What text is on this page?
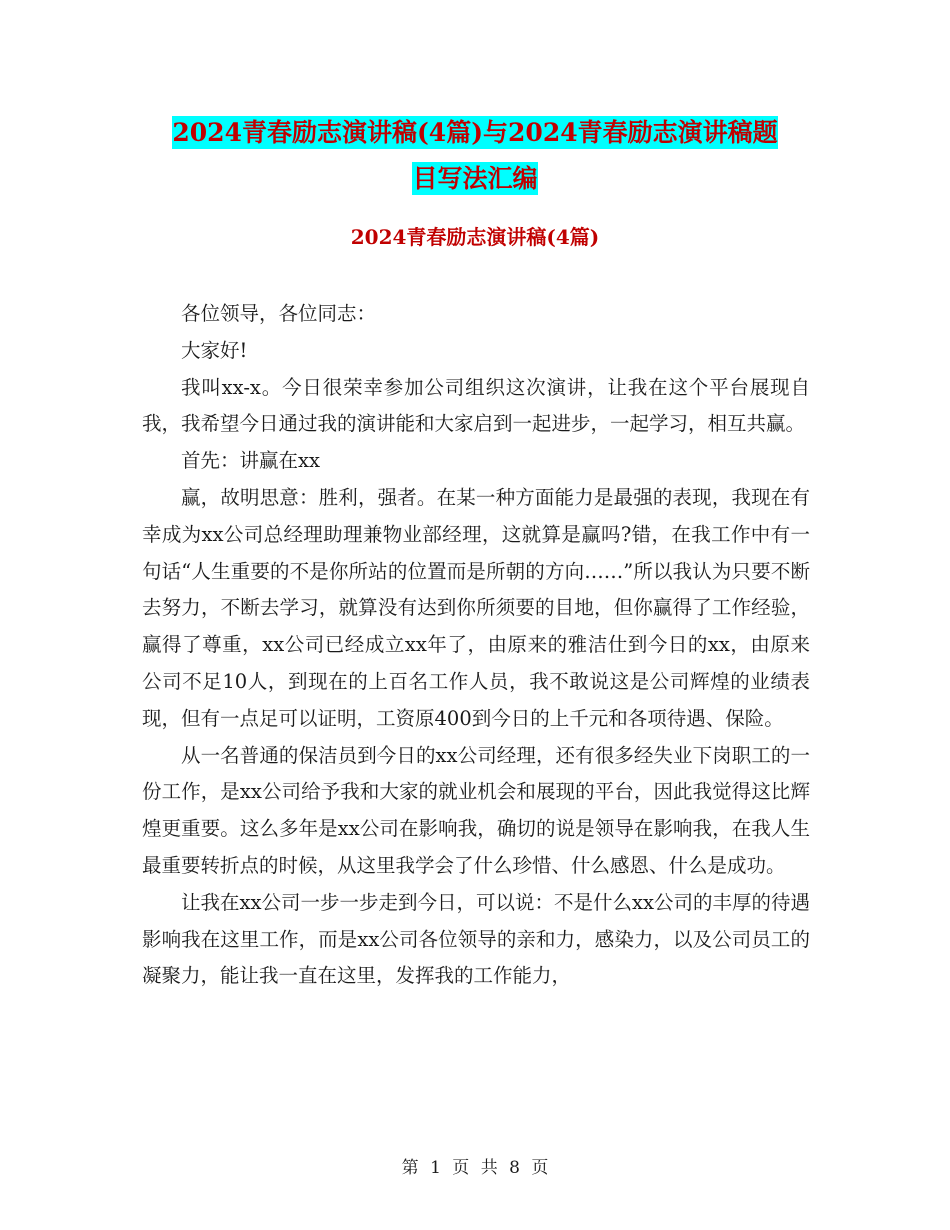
2024青春励志演讲稿(4篇)与2024青春励志演讲稿题
目写法汇编
2024青春励志演讲稿(4篇)

各位领导，各位同志：

大家好!

我叫xx-x。今日很荣幸参加公司组织这次演讲，让我在这个平台展现自我，我希望今日通过我的演讲能和大家启到一起进步，一起学习，相互共赢。

首先：讲赢在xx

赢，故明思意：胜利，强者。在某一种方面能力是最强的表现，我现在有幸成为xx公司总经理助理兼物业部经理，这就算是赢吗?错，在我工作中有一句话“人生重要的不是你所站的位置而是所朝的方向……”所以我认为只要不断去努力，不断去学习，就算没有达到你所须要的目地，但你赢得了工作经验，赢得了尊重，xx公司已经成立xx年了，由原来的雅洁仕到今日的xx，由原来公司不足10人，到现在的上百名工作人员，我不敢说这是公司辉煌的业绩表现，但有一点足可以证明，工资原400到今日的上千元和各项待遇、保险。

从一名普通的保洁员到今日的xx公司经理，还有很多经失业下岗职工的一份工作，是xx公司给予我和大家的就业机会和展现的平台，因此我觉得这比辉煌更重要。这么多年是xx公司在影响我，确切的说是领导在影响我，在我人生最重要转折点的时候，从这里我学会了什么珍惜、什么感恩、什么是成功。

让我在xx公司一步一步走到今日，可以说：不是什么xx公司的丰厚的待遇影响我在这里工作，而是xx公司各位领导的亲和力，感染力，以及公司员工的凝聚力，能让我一直在这里，发挥我的工作能力，

第 1 页 共 8 页
